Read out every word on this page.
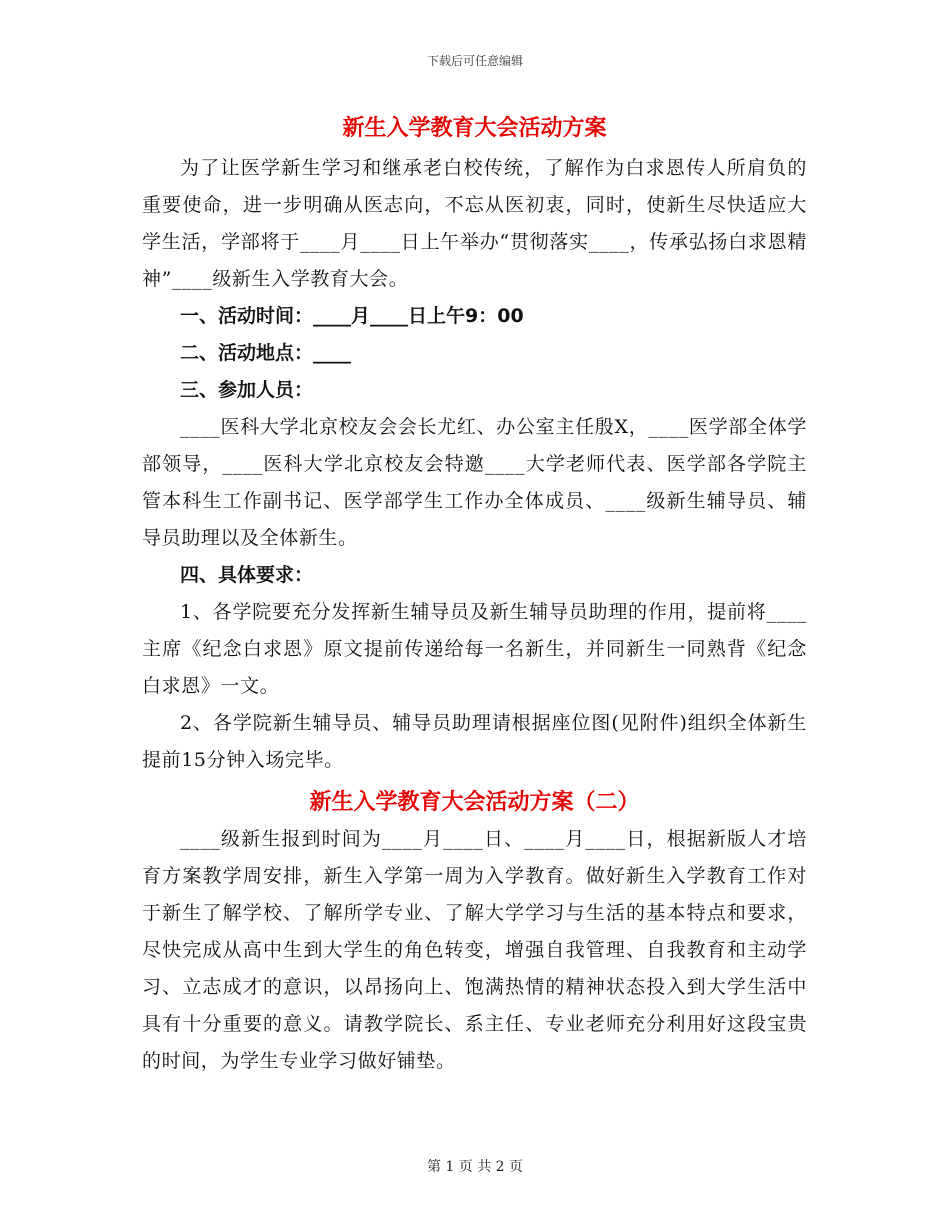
下载后可任意编辑
新生入学教育大会活动方案

为了让医学新生学习和继承老白校传统，了解作为白求恩传人所肩负的重要使命，进一步明确从医志向，不忘从医初衷，同时，使新生尽快适应大学生活，学部将于____月____日上午举办“贯彻落实____，传承弘扬白求恩精神”____级新生入学教育大会。

一、活动时间：____月____日上午9：00

二、活动地点：____

三、参加人员：

____医科大学北京校友会会长尤红、办公室主任殷X，____医学部全体学部领导，____医科大学北京校友会特邀____大学老师代表、医学部各学院主管本科生工作副书记、医学部学生工作办全体成员、____级新生辅导员、辅导员助理以及全体新生。

四、具体要求：

1、各学院要充分发挥新生辅导员及新生辅导员助理的作用，提前将____主席《纪念白求恩》原文提前传递给每一名新生，并同新生一同熟背《纪念白求恩》一文。

2、各学院新生辅导员、辅导员助理请根据座位图(见附件)组织全体新生提前15分钟入场完毕。

新生入学教育大会活动方案（二）

____级新生报到时间为____月____日、____月____日，根据新版人才培育方案教学周安排，新生入学第一周为入学教育。做好新生入学教育工作对于新生了解学校、了解所学专业、了解大学学习与生活的基本特点和要求，尽快完成从高中生到大学生的角色转变，增强自我管理、自我教育和主动学习、立志成才的意识，以昂扬向上、饱满热情的精神状态投入到大学生活中具有十分重要的意义。请教学院长、系主任、专业老师充分利用好这段宝贵的时间，为学生专业学习做好铺垫。

第 1 页 共 2 页
